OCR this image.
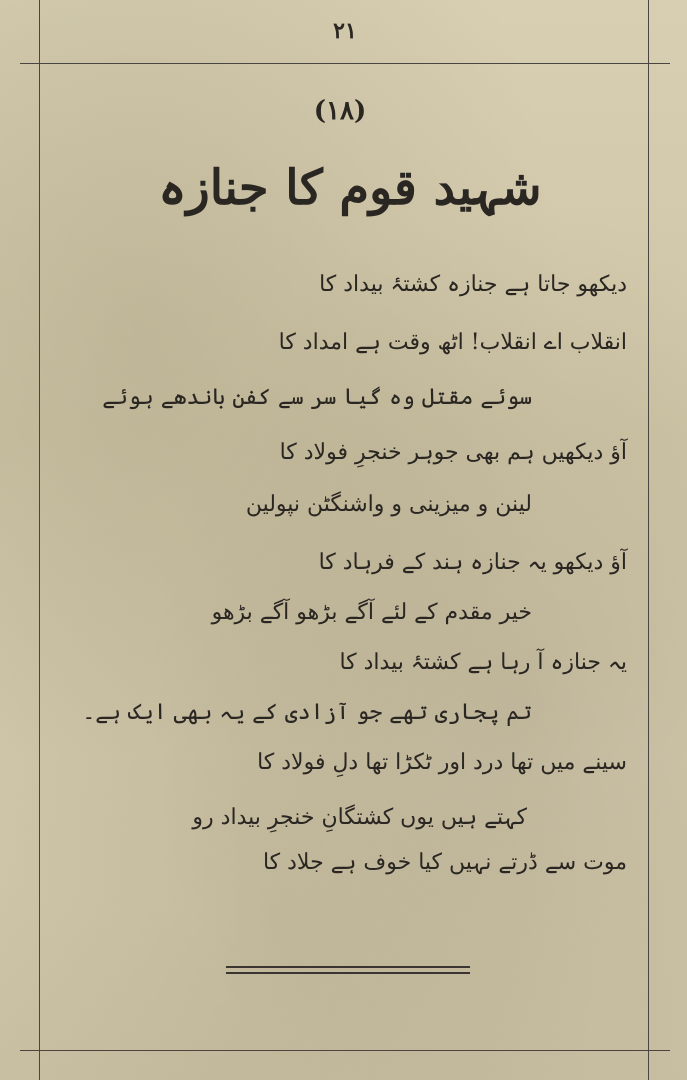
۲۱
(۱۸)
شہید قوم کا جنازہ
دیکھو جاتا ہے جنازہ کشتۂ بیداد کا
انقلاب اے انقلاب! اٹھ وقت ہے امداد کا
سوئے مقتل وہ گیا سر سے کفن باندھے ہوئے
آؤ دیکھیں ہم بھی جوہر خنجرِ فولاد کا
لینن و میزینی و واشنگٹن نپولین
آؤ دیکھو یہ جنازہ ہند کے فرہاد کا
خیر مقدم کے لئے آگے بڑھو آگے بڑھو
یہ جنازہ آ رہا ہے کشتۂ بیداد کا
تم پجاری تھے جو آزادی کے یہ بھی ایک ہے۔
سینے میں تھا درد اور ٹکڑا تھا دلِ فولاد کا
کہتے ہیں یوں کشتگانِ خنجرِ بیداد رو
موت سے ڈرتے نہیں کیا خوف ہے جلاد کا
